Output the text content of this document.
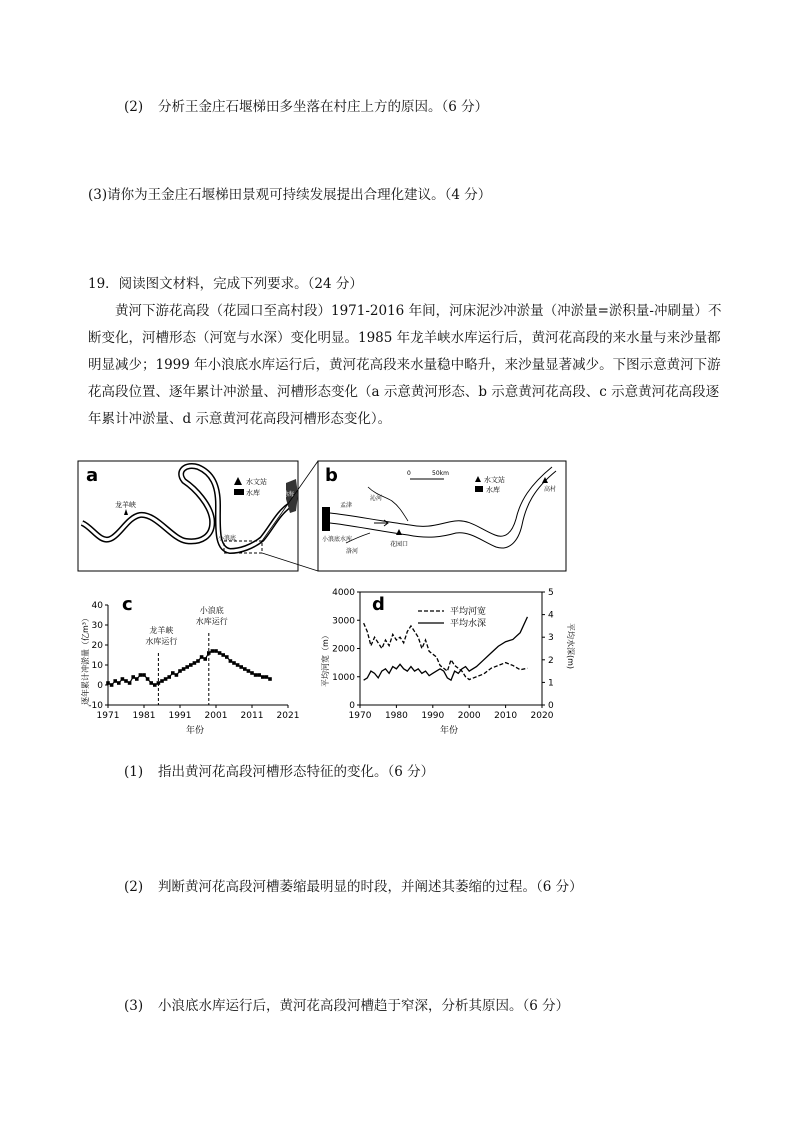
(2) 分析王金庄石堰梯田多坐落在村庄上方的原因。（6 分）
(3)请你为王金庄石堰梯田景观可持续发展提出合理化建议。（4 分）
19．阅读图文材料，完成下列要求。（24 分）
黄河下游花高段（花园口至高村段）1971-2016 年间，河床泥沙冲淤量（冲淤量=淤积量-冲刷量）不断变化，河槽形态（河宽与水深）变化明显。1985 年龙羊峡水库运行后，黄河花高段的来水量与来沙量都明显减少；1999 年小浪底水库运行后，黄河花高段来水量稳中略升，来沙量显著减少。下图示意黄河下游花高段位置、逐年累计冲淤量、河槽形态变化（a 示意黄河形态、b 示意黄河花高段、c 示意黄河花高段逐年累计冲淤量、d 示意黄河花高段河槽形态变化）。
a
渤海
水文站
水库
龙羊峡
小浪底
b	0	50km
水文站
水库	高村
花园口
小浪底水库
洛河
沁河
孟津
c
逐年累计冲淤量（亿m³）
年份
-10
0
10
20
30
40
1971 1981 1991 2001 2011 2021
龙羊峡
水库运行
小浪底
水库运行
d
平均河宽（m）	平均水深(m)
年份
0
1000
2000
3000
4000
0
1
2
3
4
5
1970 1980 1990 2000 2010 2020
平均河宽
平均水深
(1) 指出黄河花高段河槽形态特征的变化。（6 分）
(2) 判断黄河花高段河槽萎缩最明显的时段，并阐述其萎缩的过程。（6 分）
(3) 小浪底水库运行后，黄河花高段河槽趋于窄深，分析其原因。（6 分）
